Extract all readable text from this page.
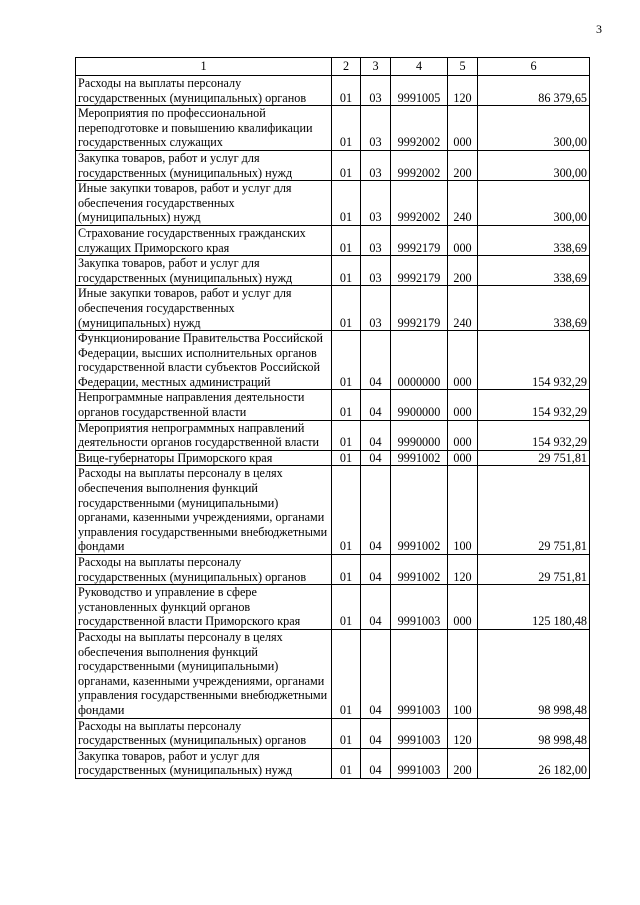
3
1	2	3	4	5	6
Расходы на выплаты персоналу государственных (муниципальных) органов	01	03	9991005	120	86 379,65
Мероприятия по профессиональной переподготовке и повышению квалификации государственных служащих	01	03	9992002	000	300,00
Закупка товаров, работ и услуг для государственных (муниципальных) нужд	01	03	9992002	200	300,00
Иные закупки товаров, работ и услуг для обеспечения государственных (муниципальных) нужд	01	03	9992002	240	300,00
Страхование государственных гражданских служащих Приморского края	01	03	9992179	000	338,69
Закупка товаров, работ и услуг для государственных (муниципальных) нужд	01	03	9992179	200	338,69
Иные закупки товаров, работ и услуг для обеспечения государственных (муниципальных) нужд	01	03	9992179	240	338,69
Функционирование Правительства Российской Федерации, высших исполнительных органов государственной власти субъектов Российской Федерации, местных администраций	01	04	0000000	000	154 932,29
Непрограммные направления деятельности органов государственной власти	01	04	9900000	000	154 932,29
Мероприятия непрограммных направлений деятельности органов государственной власти	01	04	9990000	000	154 932,29
Вице-губернаторы Приморского края	01	04	9991002	000	29 751,81
Расходы на выплаты персоналу в целях обеспечения выполнения функций государственными (муниципальными) органами, казенными учреждениями, органами управления государственными внебюджетными фондами	01	04	9991002	100	29 751,81
Расходы на выплаты персоналу государственных (муниципальных) органов	01	04	9991002	120	29 751,81
Руководство и управление в сфере установленных функций органов государственной власти Приморского края	01	04	9991003	000	125 180,48
Расходы на выплаты персоналу в целях обеспечения выполнения функций государственными (муниципальными) органами, казенными учреждениями, органами управления государственными внебюджетными фондами	01	04	9991003	100	98 998,48
Расходы на выплаты персоналу государственных (муниципальных) органов	01	04	9991003	120	98 998,48
Закупка товаров, работ и услуг для государственных (муниципальных) нужд	01	04	9991003	200	26 182,00
